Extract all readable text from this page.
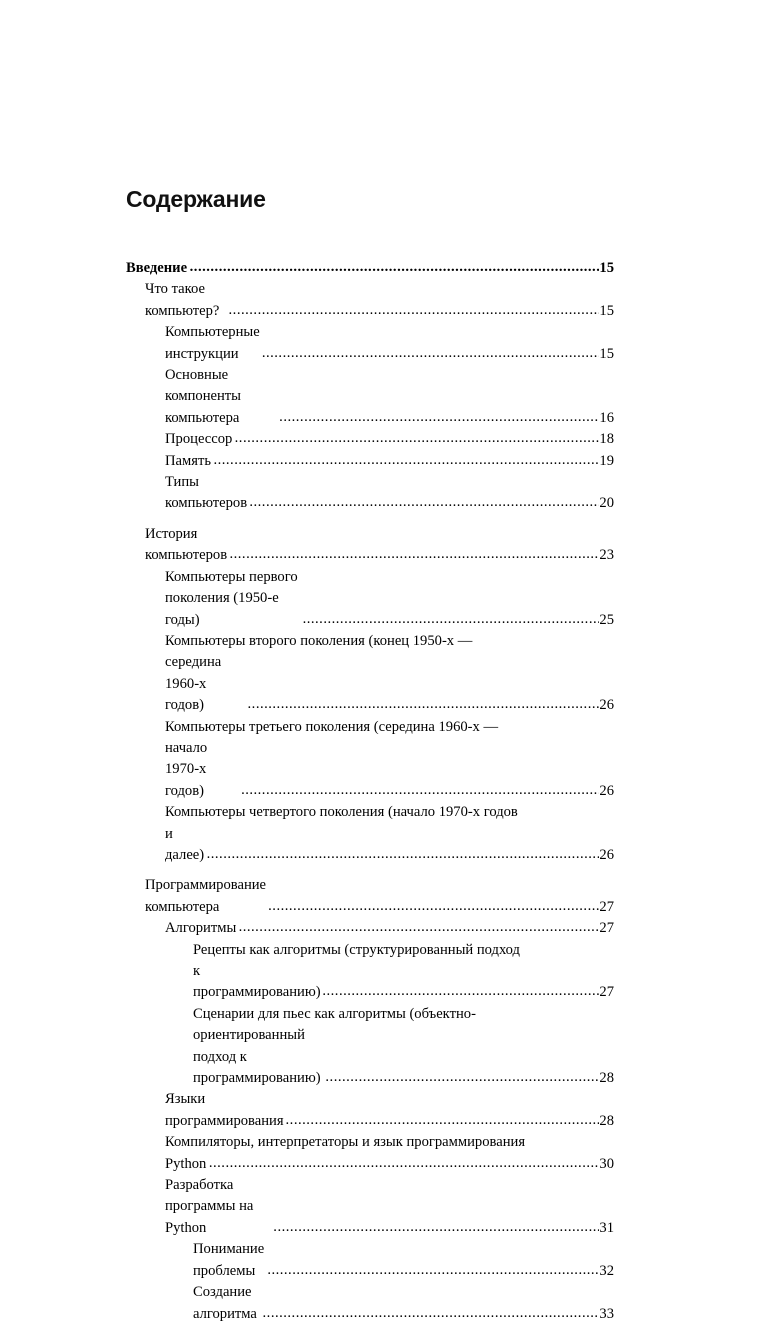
Содержание
Введение .....	15
Что такое компьютер? .....	15
Компьютерные инструкции .....	15
Основные компоненты компьютера .....	16
Процессор .....	18
Память .....	19
Типы компьютеров .....	20
История компьютеров .....	23
Компьютеры первого поколения (1950-е годы) .....	25
Компьютеры второго поколения (конец 1950-х —
середина 1960-х годов) .....	26
Компьютеры третьего поколения (середина 1960-х —
начало 1970-х годов) .....	26
Компьютеры четвертого поколения (начало 1970-х годов
и далее) .....	26
Программирование компьютера .....	27
Алгоритмы .....	27
Рецепты как алгоритмы (структурированный подход
к программированию) .....	27
Сценарии для пьес как алгоритмы (объектно-
ориентированный подход к программированию) .....	28
Языки программирования .....	28
Компиляторы, интерпретаторы и язык программирования
Python .....	30
Разработка программы на Python .....	31
Понимание проблемы .....	32
Создание алгоритма .....	33
